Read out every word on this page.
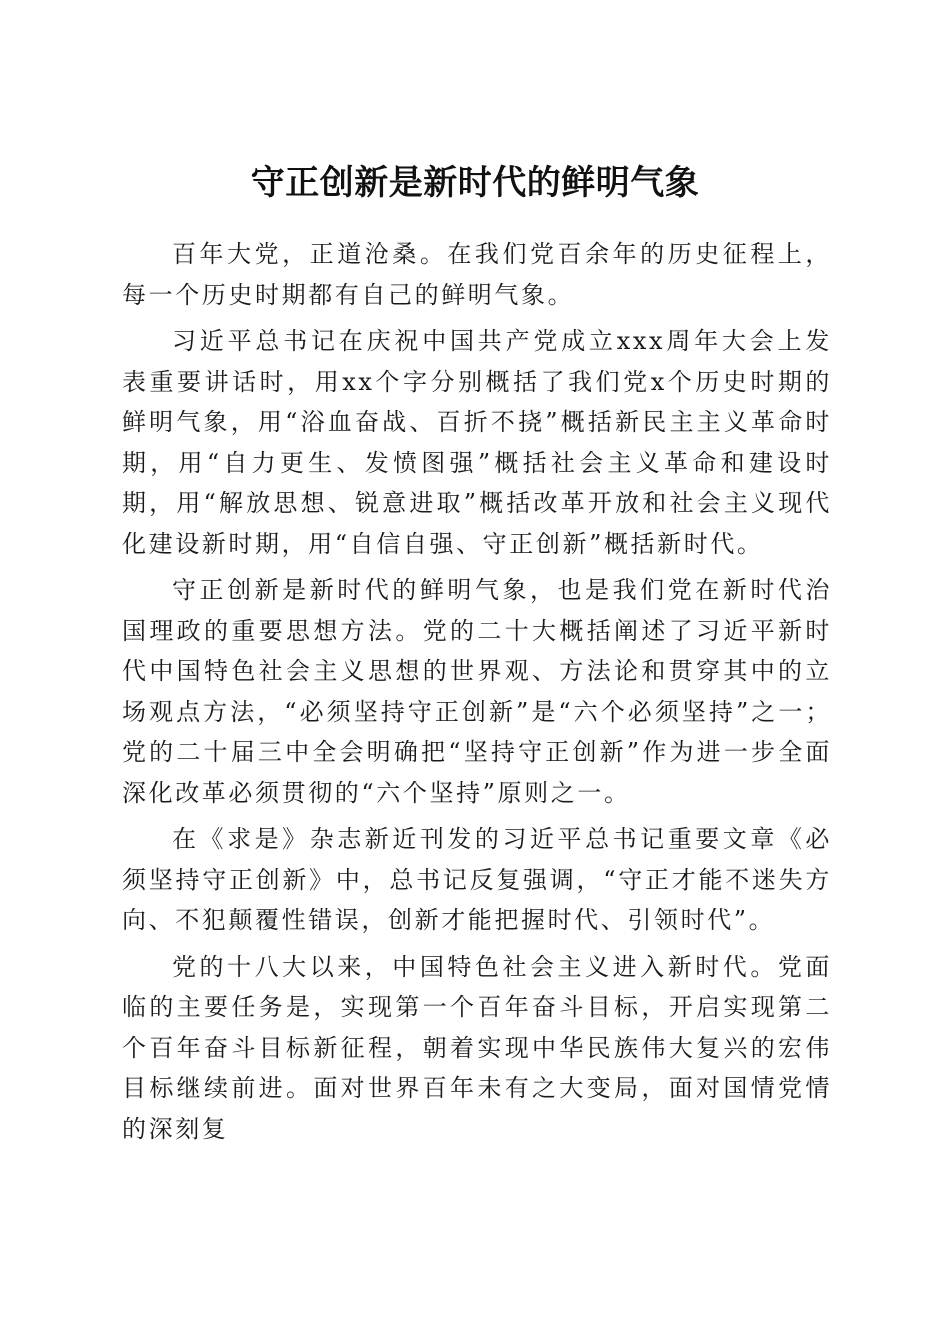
守正创新是新时代的鲜明气象

百年大党，正道沧桑。在我们党百余年的历史征程上，每一个历史时期都有自己的鲜明气象。

习近平总书记在庆祝中国共产党成立xxx周年大会上发表重要讲话时，用xx个字分别概括了我们党x个历史时期的鲜明气象，用“浴血奋战、百折不挠”概括新民主主义革命时期，用“自力更生、发愤图强”概括社会主义革命和建设时期，用“解放思想、锐意进取”概括改革开放和社会主义现代化建设新时期，用“自信自强、守正创新”概括新时代。

守正创新是新时代的鲜明气象，也是我们党在新时代治国理政的重要思想方法。党的二十大概括阐述了习近平新时代中国特色社会主义思想的世界观、方法论和贯穿其中的立场观点方法，“必须坚持守正创新”是“六个必须坚持”之一；党的二十届三中全会明确把“坚持守正创新”作为进一步全面深化改革必须贯彻的“六个坚持”原则之一。

在《求是》杂志新近刊发的习近平总书记重要文章《必须坚持守正创新》中，总书记反复强调，“守正才能不迷失方向、不犯颠覆性错误，创新才能把握时代、引领时代”。

党的十八大以来，中国特色社会主义进入新时代。党面临的主要任务是，实现第一个百年奋斗目标，开启实现第二个百年奋斗目标新征程，朝着实现中华民族伟大复兴的宏伟目标继续前进。面对世界百年未有之大变局，面对国情党情的深刻复
